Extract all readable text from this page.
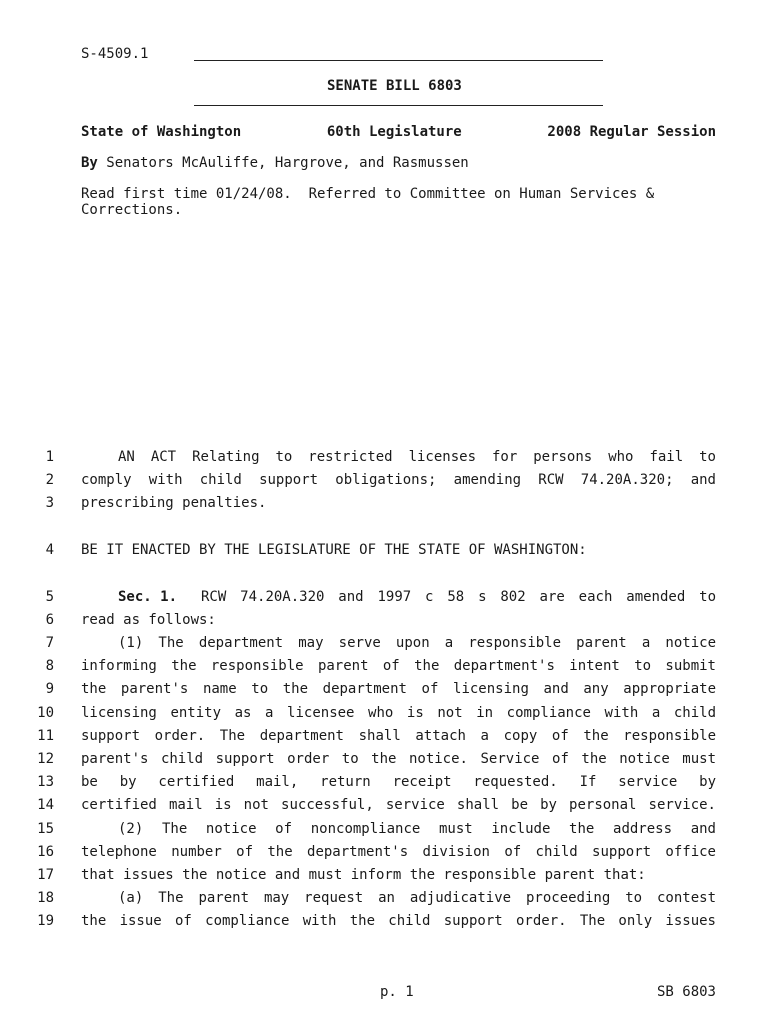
S-4509.1
SENATE BILL 6803
State of Washington	60th Legislature	2008 Regular Session
By Senators McAuliffe, Hargrove, and Rasmussen
Read first time 01/24/08.  Referred to Committee on Human Services &
Corrections.
1	AN ACT Relating to restricted licenses for persons who fail to
2 comply with child support obligations; amending RCW 74.20A.320; and
3 prescribing penalties.
4 BE IT ENACTED BY THE LEGISLATURE OF THE STATE OF WASHINGTON:
5	Sec. 1.	RCW 74.20A.320 and 1997 c 58 s 802 are each amended to
6 read as follows:
7	(1) The department may serve upon a responsible parent a notice
8 informing the responsible parent of the department's intent to submit
9 the parent's name to the department of licensing and any appropriate
10 licensing entity as a licensee who is not in compliance with a child
11 support order. The department shall attach a copy of the responsible
12 parent's child support order to the notice. Service of the notice must
13 be by certified mail, return receipt requested. If service by
14 certified mail is not successful, service shall be by personal service.
15	(2) The notice of noncompliance must include the address and
16 telephone number of the department's division of child support office
17 that issues the notice and must inform the responsible parent that:
18	(a) The parent may request an adjudicative proceeding to contest
19 the issue of compliance with the child support order. The only issues
p. 1	SB 6803
